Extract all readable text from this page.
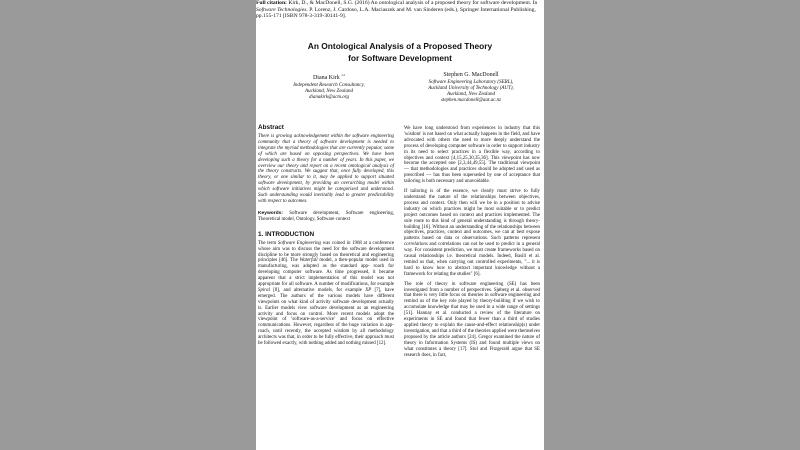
Full citation: Kirk, D., & MacDonell, S.G. (2016) An ontological analysis of a proposed theory for software development. In Software Technologies. P. Lorenz, J. Cardoso, L.A. Maciaszek and M. van Sinderen (eds.), Springer International Publishing, pp.155-171 [ISBN 978-3-319-30141-9].
An Ontological Analysis of a Proposed Theory
for Software Development
Diana Kirk $^{1,2}$
Independent Research Consultancy,
Auckland, New Zealand
dianakirk@acm.org
Stephen G. MacDonell
Software Engineering Laboratory (SERL),
Auckland University of Technology (AUT),
Auckland, New Zealand
stephen.macdonell@aut.ac.nz
Abstract

There is growing acknowledgement within the software engineering community that a theory of software development is needed to integrate the myriad methodologies that are currently popular, some of which are based on opposing perspectives. We have been developing such a theory for a number of years. In this paper, we overview our theory and report on a recent ontological analysis of the theory constructs. We suggest that, once fully developed, this theory, or one similar to it, may be applied to support situated software development, by providing an overarching model within which software initiatives might be categorised and understood. Such understanding would inevitably lead to greater predictability with respect to outcomes.

Keywords: Software development, Software engineering, Theoretical model, Ontology, Software context

1. INTRODUCTION

The term Software Engineering was coined in 1968 at a conference whose aim was to discuss the need for the software development discipline to be more strongly based on theoretical and engineering principles [46]. The Waterfall model, a then-popular model used in manufacturing, was adopted as the standard app- roach for developing computer software. As time progressed, it became apparent that a strict implementation of this model was not appropriate for all software. A number of modifications, for example Spiral [8], and alternative models, for example XP [7], have emerged. The authors of the various models have different viewpoints on what kind of activity software development actually is. Earlier models view software development as an engineering activity and focus on control. More recent models adopt the viewpoint of 'software-as-a-service' and focus on effective communications. However, regardless of the huge variation in app- roach, until recently, the accepted wisdom by all methodology architects was that, in order to be fully effective, their approach must be followed exactly, with nothing added and nothing missed [12].

We have long understood from experiences in industry that this 'wisdom' is not based on what actually happens in the field, and have advocated with others the need to more deeply understand the process of developing computer software in order to support industry in its need to select practices in a flexible way, according to objectives and context [4,15,25,30,35,36]. This viewpoint has now become the accepted one [2,3,44,49,55]. The traditional viewpoint — that methodologies and practices should be adopted and used as prescribed — has thus been superseded by one of acceptance that tailoring is both necessary and unavoidable.

If tailoring is of the essence, we clearly must strive to fully understand the nature of the relationships between objectives, process and context. Only then will we be in a position to advise industry on which practices might be most suitable or to predict project outcomes based on context and practices implemented. The sole route to this kind of general understanding is through theory-building [16]. Without an understanding of the relationships between objectives, practices, context and outcomes, we can at best expose patterns based on data or observations. Such patterns represent correlations and correlations can not be used to predict in a general way. For consistent prediction, we must create frameworks based on causal relationships i.e. theoretical models. Indeed, Basili et al. remind us that, when carrying out controlled experiments, "... it is hard to know how to abstract important knowledge without a framework for relating the studies" [6].

The role of theory in software engineering (SE) has been investigated from a number of perspectives. Sjøberg et al. observed that there is very little focus on theories in software engineering and remind us of the key role played by theory-building if we wish to accumulate knowledge that may be used in a wide range of settings [51]. Hannay et al. conducted a review of the literature on experiments in SE and found that fewer than a third of studies applied theory to explain the cause-and-effect relationship(s) under investigation, and that a third of the theories applied were themselves proposed by the article authors [24]. Gregor examined the nature of theory in Information Systems (IS) and found multiple views on what constitutes a theory [17]. Stol and Fitzgerald argue that SE research does, in fact,
